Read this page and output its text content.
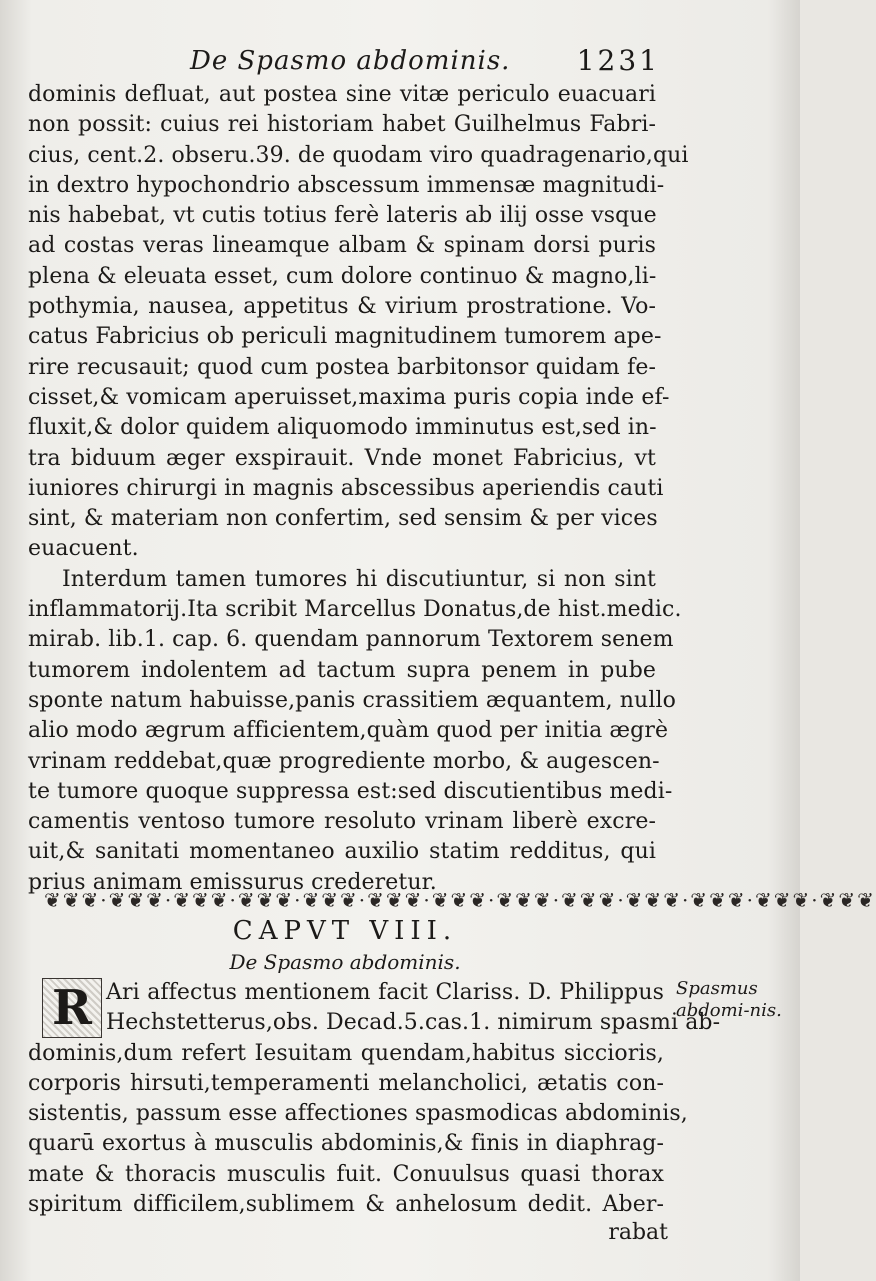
De Spasmo abdominis. 1231
dominis defluat, aut postea sine vitæ periculo euacuari
non possit: cuius rei historiam habet Guilhelmus Fabri-
cius, cent.2. obseru.39. de quodam viro quadragenario,qui
in dextro hypochondrio abscessum immensæ magnitudi-
nis habebat, vt cutis totius ferè lateris ab ilij osse vsque
ad costas veras lineamque albam & spinam dorsi puris
plena & eleuata esset, cum dolore continuo & magno,li-
pothymia, nausea, appetitus & virium prostratione. Vo-
catus Fabricius ob periculi magnitudinem tumorem ape-
rire recusauit; quod cum postea barbitonsor quidam fe-
cisset,& vomicam aperuisset,maxima puris copia inde ef-
fluxit,& dolor quidem aliquomodo imminutus est,sed in-
tra biduum æger exspirauit. Vnde monet Fabricius, vt
iuniores chirurgi in magnis abscessibus aperiendis cauti
sint, & materiam non confertim, sed sensim & per vices
euacuent.
Interdum tamen tumores hi discutiuntur, si non sint
inflammatorij.Ita scribit Marcellus Donatus,de hist.medic.
mirab. lib.1. cap. 6. quendam pannorum Textorem senem
tumorem indolentem ad tactum supra penem in pube
sponte natum habuisse,panis crassitiem æquantem, nullo
alio modo ægrum afficientem,quàm quod per initia ægrè
vrinam reddebat,quæ progrediente morbo, & augescen-
te tumore quoque suppressa est:sed discutientibus medi-
camentis ventoso tumore resoluto vrinam liberè excre-
uit,& sanitati momentaneo auxilio statim redditus, qui
prius animam emissurus crederetur.
❦❦❦·❦❦❦·❦❦❦·❦❦❦·❦❦❦·❦❦❦·❦❦❦·❦❦❦·❦❦❦·❦❦❦·❦❦❦·❦❦❦·❦❦❦
CAPVT VIII.
De Spasmo abdominis.
R Ari affectus mentionem facit Clariss. D. Philippus
Hechstetterus,obs. Decad.5.cas.1. nimirum spasmi ab-
dominis,dum refert Iesuitam quendam,habitus siccioris,
corporis hirsuti,temperamenti melancholici, ætatis con-
sistentis, passum esse affectiones spasmodicas abdominis,
quarū exortus à musculis abdominis,& finis in diaphrag-
mate & thoracis musculis fuit. Conuulsus quasi thorax
spiritum difficilem,sublimem & anhelosum dedit. Aber-
Spasmus abdomi-nis.
rabat
